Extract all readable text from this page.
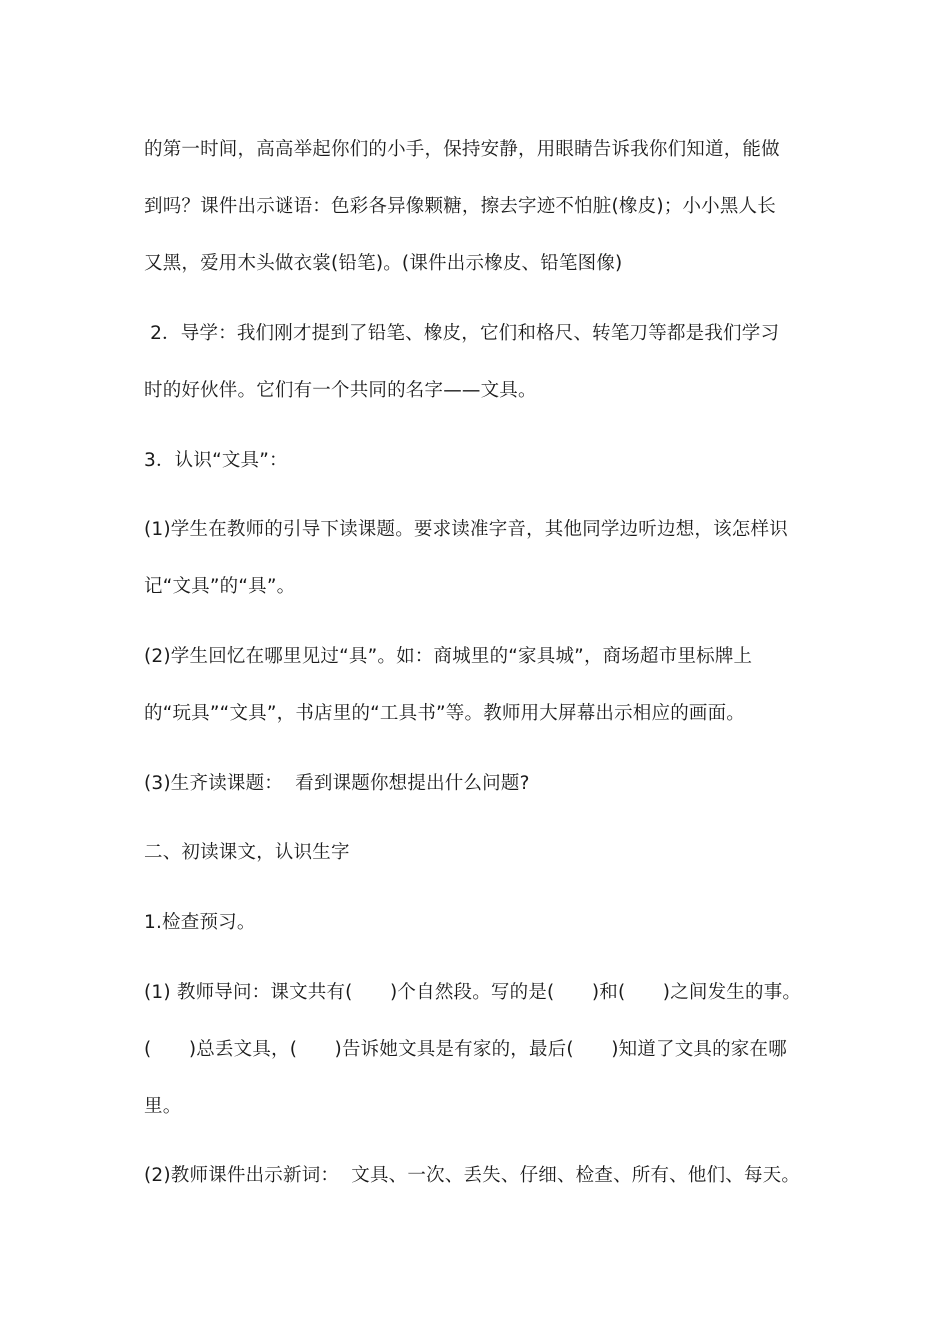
的第一时间，高高举起你们的小手，保持安静，用眼睛告诉我你们知道，能做
到吗？课件出示谜语：色彩各异像颗糖，擦去字迹不怕脏(橡皮)；小小黑人长
又黑，爱用木头做衣裳(铅笔)。(课件出示橡皮、铅笔图像)
2．导学：我们刚才提到了铅笔、橡皮，它们和格尺、转笔刀等都是我们学习
时的好伙伴。它们有一个共同的名字——文具。
3．认识“文具”：
(1)学生在教师的引导下读课题。要求读准字音，其他同学边听边想，该怎样识
记“文具”的“具”。
(2)学生回忆在哪里见过“具”。如：商城里的“家具城”，商场超市里标牌上
的“玩具”“文具”，书店里的“工具书”等。教师用大屏幕出示相应的画面。
(3)生齐读课题：  看到课题你想提出什么问题?
二、初读课文，认识生字
1.检查预习。
(1) 教师导问：课文共有(　　)个自然段。写的是(　　)和(　　)之间发生的事。
(　　)总丢文具，(　　)告诉她文具是有家的，最后(　　)知道了文具的家在哪
里。
(2)教师课件出示新词：  文具、一次、丢失、仔细、检查、所有、他们、每天。
